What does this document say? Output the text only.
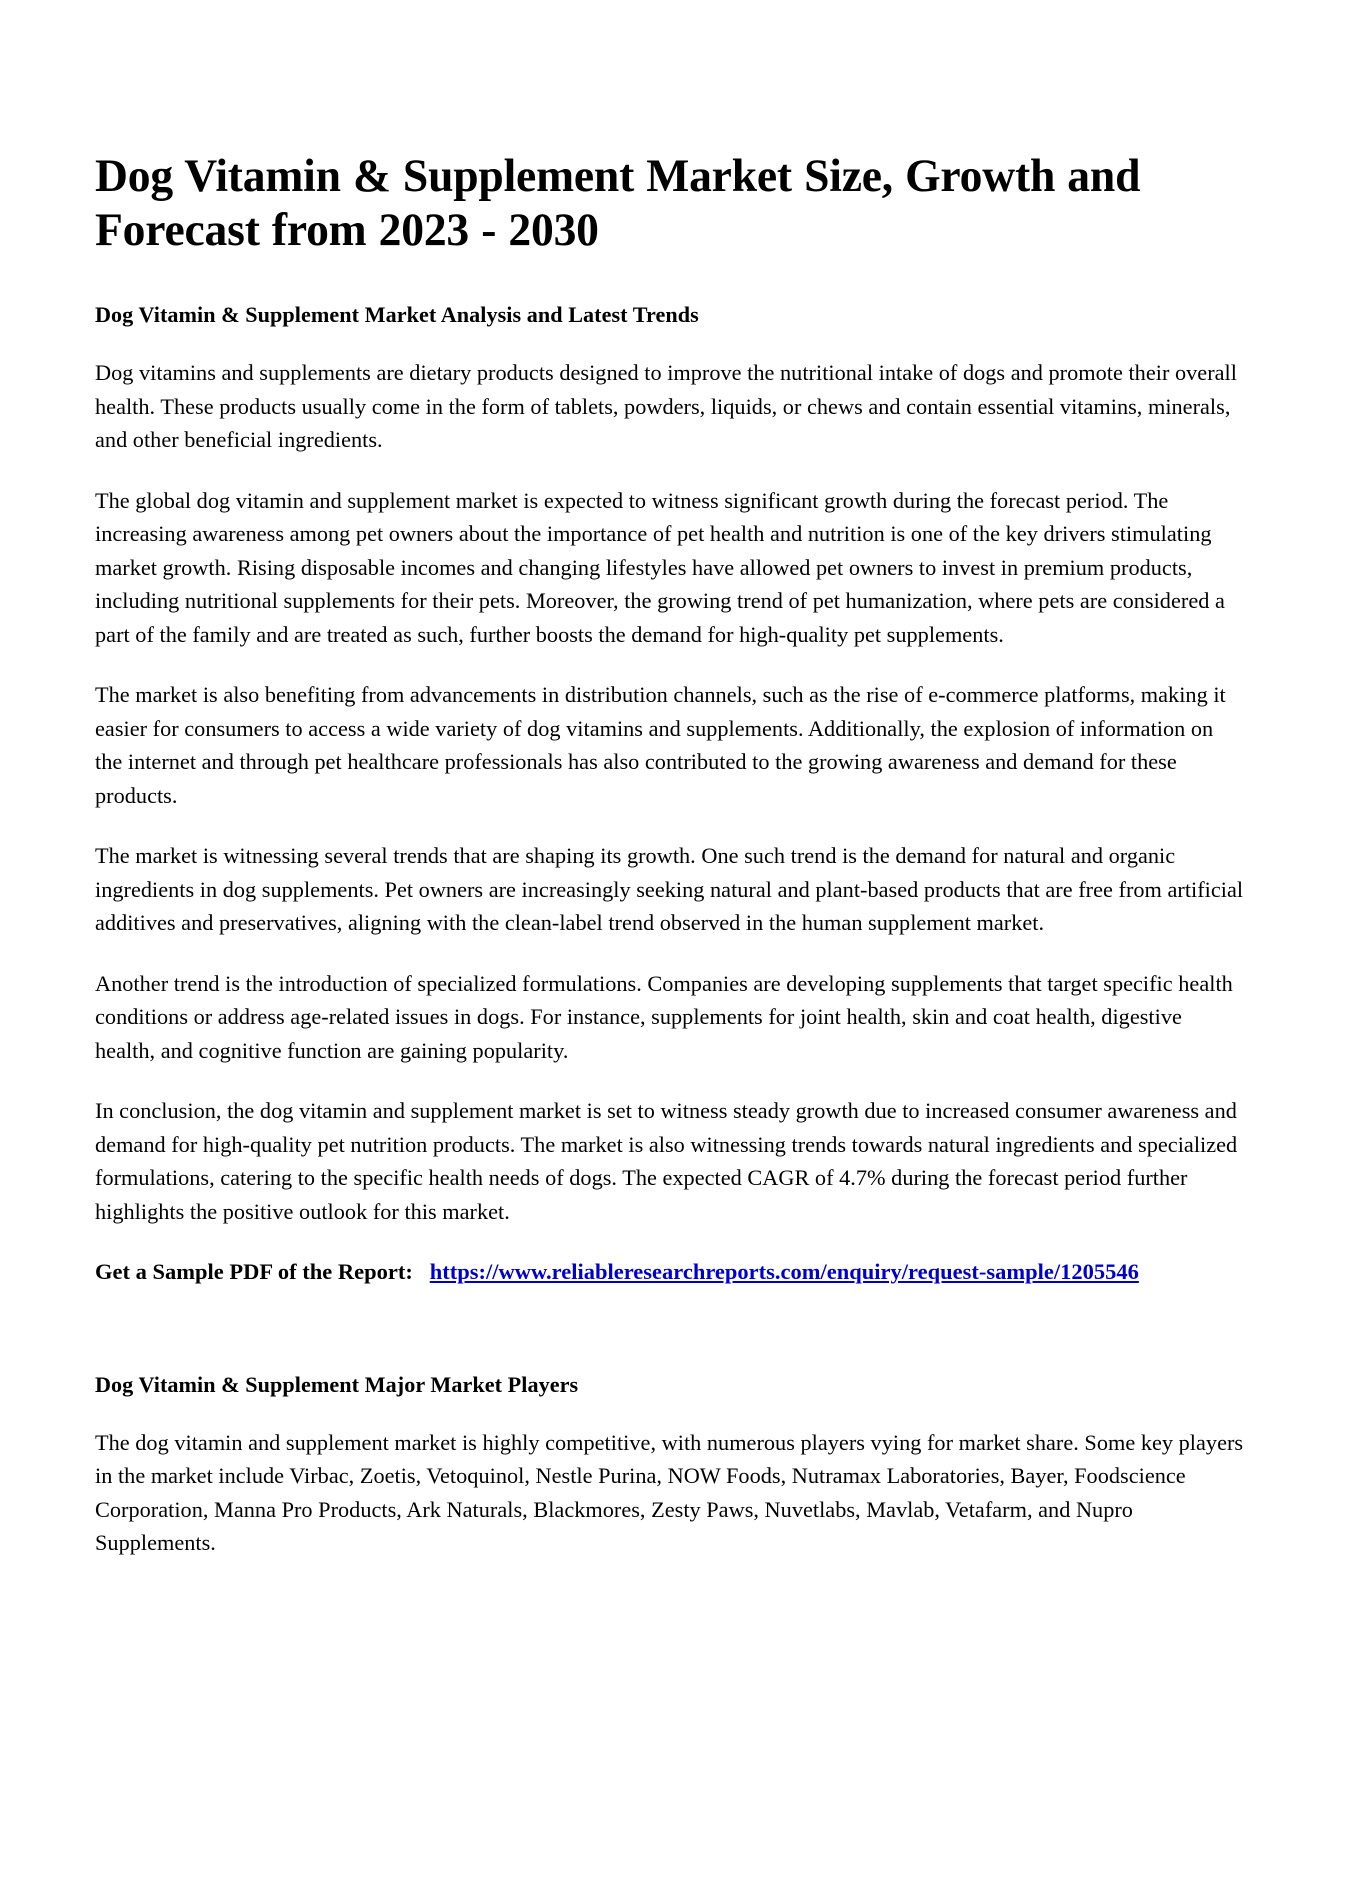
Dog Vitamin & Supplement Market Size, Growth and Forecast from 2023 - 2030
Dog Vitamin & Supplement Market Analysis and Latest Trends

Dog vitamins and supplements are dietary products designed to improve the nutritional intake of dogs and promote their overall health. These products usually come in the form of tablets, powders, liquids, or chews and contain essential vitamins, minerals, and other beneficial ingredients.

The global dog vitamin and supplement market is expected to witness significant growth during the forecast period. The increasing awareness among pet owners about the importance of pet health and nutrition is one of the key drivers stimulating market growth. Rising disposable incomes and changing lifestyles have allowed pet owners to invest in premium products, including nutritional supplements for their pets. Moreover, the growing trend of pet humanization, where pets are considered a part of the family and are treated as such, further boosts the demand for high-quality pet supplements.

The market is also benefiting from advancements in distribution channels, such as the rise of e-commerce platforms, making it easier for consumers to access a wide variety of dog vitamins and supplements. Additionally, the explosion of information on the internet and through pet healthcare professionals has also contributed to the growing awareness and demand for these products.

The market is witnessing several trends that are shaping its growth. One such trend is the demand for natural and organic ingredients in dog supplements. Pet owners are increasingly seeking natural and plant-based products that are free from artificial additives and preservatives, aligning with the clean-label trend observed in the human supplement market.

Another trend is the introduction of specialized formulations. Companies are developing supplements that target specific health conditions or address age-related issues in dogs. For instance, supplements for joint health, skin and coat health, digestive health, and cognitive function are gaining popularity.

In conclusion, the dog vitamin and supplement market is set to witness steady growth due to increased consumer awareness and demand for high-quality pet nutrition products. The market is also witnessing trends towards natural ingredients and specialized formulations, catering to the specific health needs of dogs. The expected CAGR of 4.7% during the forecast period further highlights the positive outlook for this market.

Get a Sample PDF of the Report: https://www.reliableresearchreports.com/enquiry/request-sample/1205546

Dog Vitamin & Supplement Major Market Players

The dog vitamin and supplement market is highly competitive, with numerous players vying for market share. Some key players in the market include Virbac, Zoetis, Vetoquinol, Nestle Purina, NOW Foods, Nutramax Laboratories, Bayer, Foodscience Corporation, Manna Pro Products, Ark Naturals, Blackmores, Zesty Paws, Nuvetlabs, Mavlab, Vetafarm, and Nupro Supplements.
